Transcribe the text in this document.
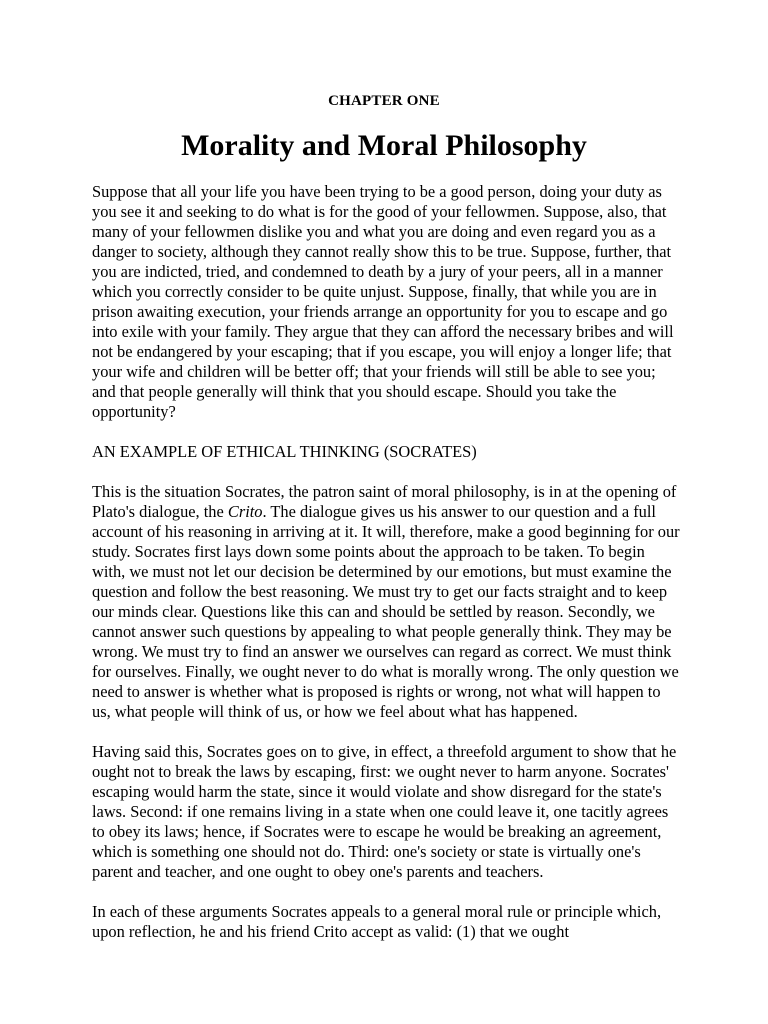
CHAPTER ONE
Morality and Moral Philosophy

Suppose that all your life you have been trying to be a good person, doing your duty as you see it and seeking to do what is for the good of your fellowmen. Suppose, also, that many of your fellowmen dislike you and what you are doing and even regard you as a danger to society, although they cannot really show this to be true. Suppose, further, that you are indicted, tried, and condemned to death by a jury of your peers, all in a manner which you correctly consider to be quite unjust. Suppose, finally, that while you are in prison awaiting execution, your friends arrange an opportunity for you to escape and go into exile with your family. They argue that they can afford the necessary bribes and will not be endangered by your escaping; that if you escape, you will enjoy a longer life; that your wife and children will be better off; that your friends will still be able to see you; and that people generally will think that you should escape. Should you take the opportunity?

AN EXAMPLE OF ETHICAL THINKING (SOCRATES)

This is the situation Socrates, the patron saint of moral philosophy, is in at the opening of Plato's dialogue, the Crito. The dialogue gives us his answer to our question and a full account of his reasoning in arriving at it. It will, therefore, make a good beginning for our study. Socrates first lays down some points about the approach to be taken. To begin with, we must not let our decision be determined by our emotions, but must examine the question and follow the best reasoning. We must try to get our facts straight and to keep our minds clear. Questions like this can and should be settled by reason. Secondly, we cannot answer such questions by appealing to what people generally think. They may be wrong. We must try to find an answer we ourselves can regard as correct. We must think for ourselves. Finally, we ought never to do what is morally wrong. The only question we need to answer is whether what is proposed is rights or wrong, not what will happen to us, what people will think of us, or how we feel about what has happened.

Having said this, Socrates goes on to give, in effect, a threefold argument to show that he ought not to break the laws by escaping, first: we ought never to harm anyone. Socrates' escaping would harm the state, since it would violate and show disregard for the state's laws. Second: if one remains living in a state when one could leave it, one tacitly agrees to obey its laws; hence, if Socrates were to escape he would be breaking an agreement, which is something one should not do. Third: one's society or state is virtually one's parent and teacher, and one ought to obey one's parents and teachers.

In each of these arguments Socrates appeals to a general moral rule or principle which, upon reflection, he and his friend Crito accept as valid: (1) that we ought
